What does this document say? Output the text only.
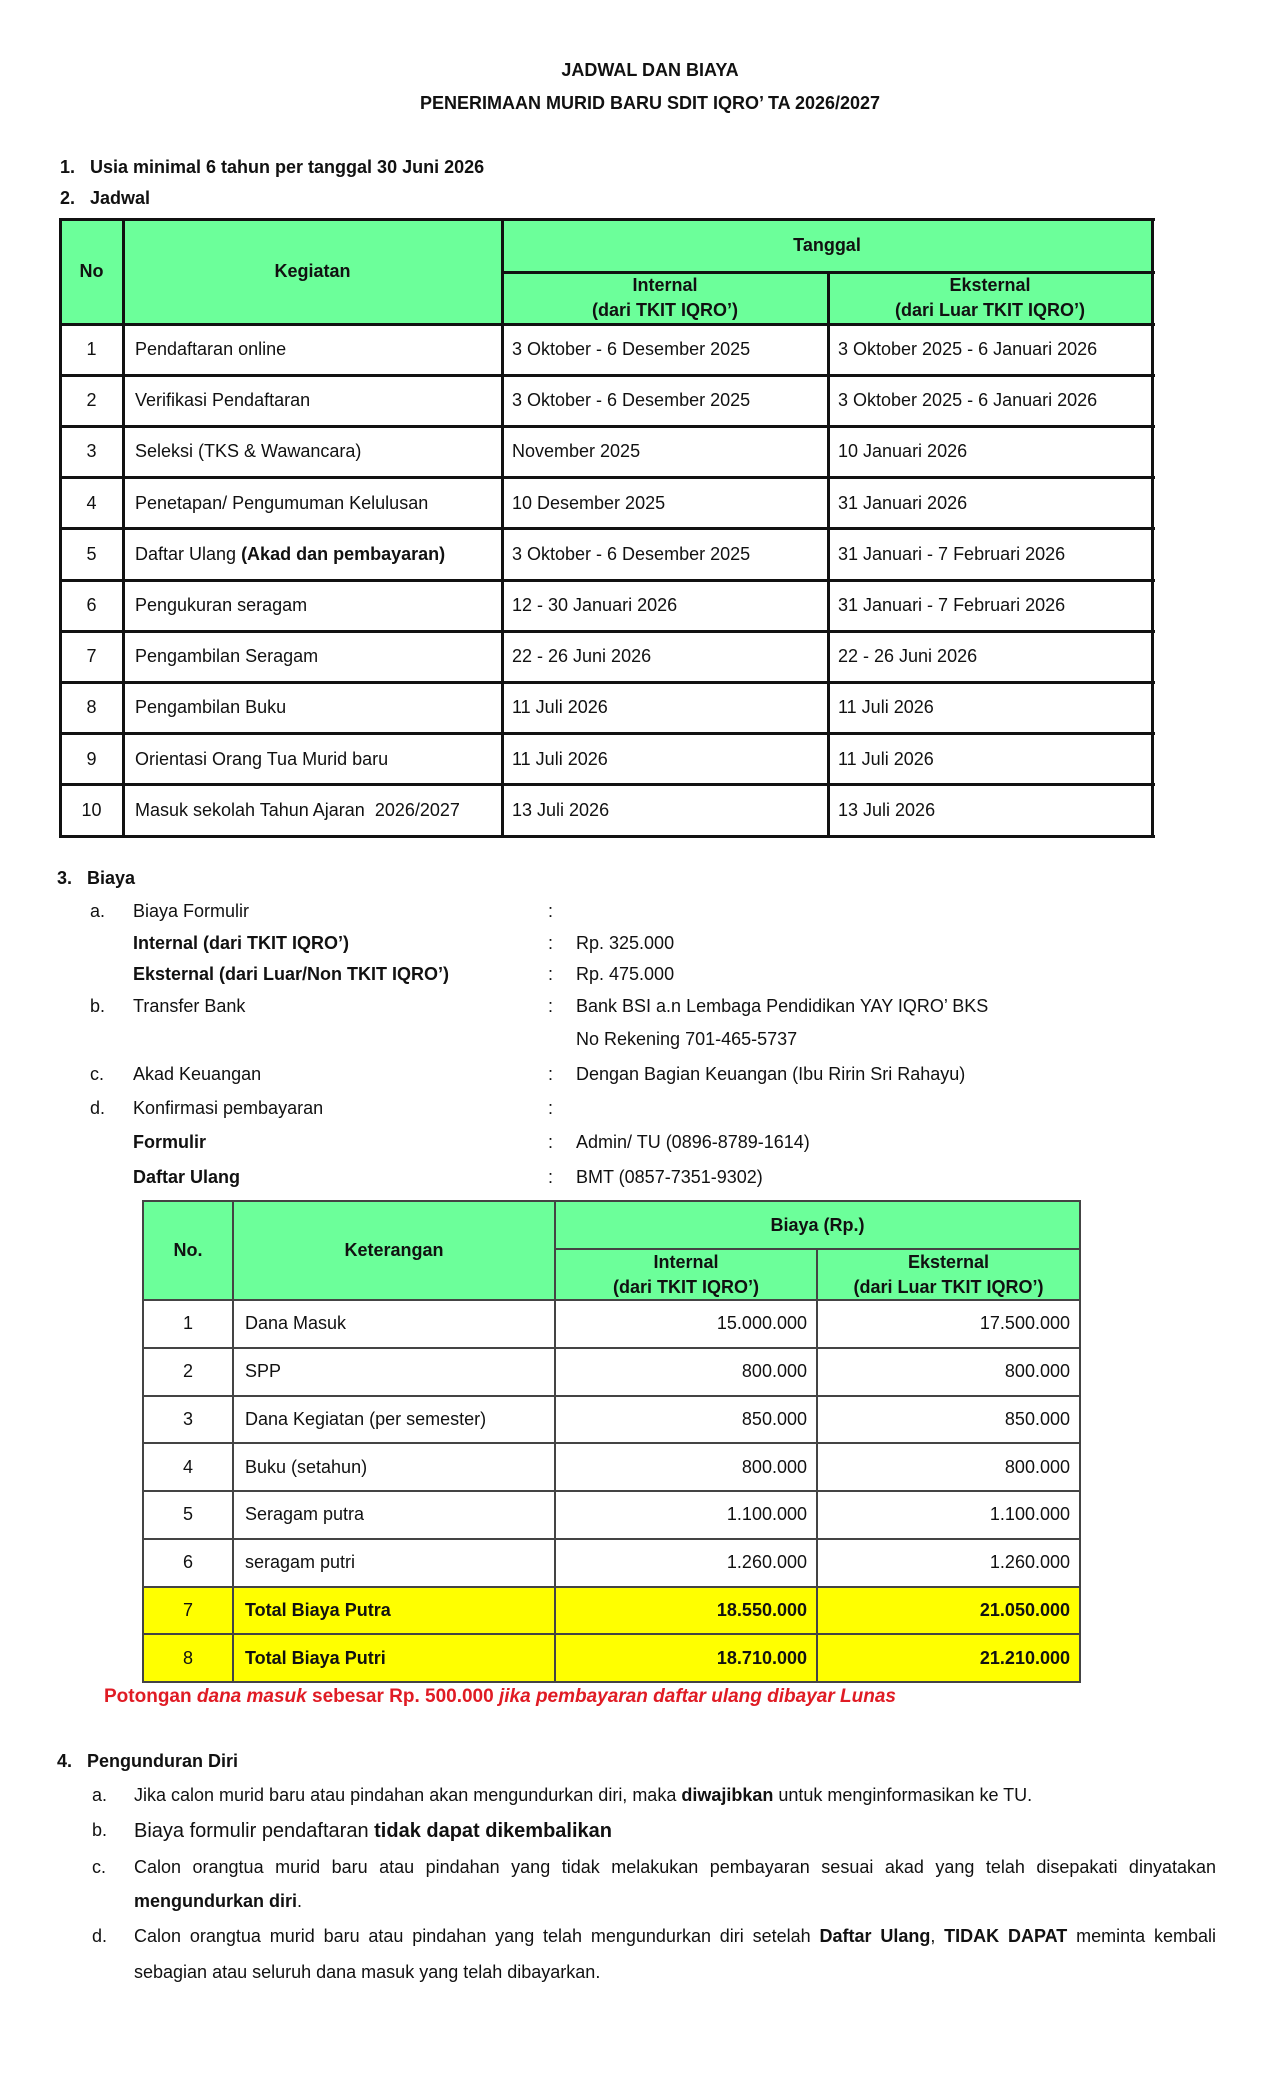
JADWAL DAN BIAYA
PENERIMAAN MURID BARU SDIT IQRO’ TA 2026/2027
1. Usia minimal 6 tahun per tanggal 30 Juni 2026
2. Jadwal
No	Kegiatan
Tanggal
Internal
(dari TKIT IQRO’)
Eksternal
(dari Luar TKIT IQRO’)
1	Pendaftaran online	3 Oktober - 6 Desember 2025	3 Oktober 2025 - 6 Januari 2026
2	Verifikasi Pendaftaran	3 Oktober - 6 Desember 2025	3 Oktober 2025 - 6 Januari 2026
3	Seleksi (TKS & Wawancara)	November 2025	10 Januari 2026
4	Penetapan/ Pengumuman Kelulusan	10 Desember 2025	31 Januari 2026
5	Daftar Ulang (Akad dan pembayaran)	3 Oktober - 6 Desember 2025	31 Januari - 7 Februari 2026
6	Pengukuran seragam	12 - 30 Januari 2026	31 Januari - 7 Februari 2026
7	Pengambilan Seragam	22 - 26 Juni 2026	22 - 26 Juni 2026
8	Pengambilan Buku	11 Juli 2026	11 Juli 2026
9	Orientasi Orang Tua Murid baru	11 Juli 2026	11 Juli 2026
10	Masuk sekolah Tahun Ajaran  2026/2027	13 Juli 2026	13 Juli 2026
3. Biaya
a. Biaya Formulir	:
Internal (dari TKIT IQRO’)	: Rp. 325.000
Eksternal (dari Luar/Non TKIT IQRO’)	: Rp. 475.000
b. Transfer Bank	: Bank BSI a.n Lembaga Pendidikan YAY IQRO’ BKS
No Rekening 701-465-5737
c. Akad Keuangan	: Dengan Bagian Keuangan (Ibu Ririn Sri Rahayu)
d. Konfirmasi pembayaran	:
Formulir	: Admin/ TU (0896-8789-1614)
Daftar Ulang	: BMT (0857-7351-9302)
No.	Keterangan
Biaya (Rp.)
Internal
(dari TKIT IQRO’)
Eksternal
(dari Luar TKIT IQRO’)
1	Dana Masuk	15.000.000	17.500.000
2	SPP	800.000	800.000
3	Dana Kegiatan (per semester)	850.000	850.000
4	Buku (setahun)	800.000	800.000
5	Seragam putra	1.100.000	1.100.000
6	seragam putri	1.260.000	1.260.000
7	Total Biaya Putra	18.550.000	21.050.000
8	Total Biaya Putri	18.710.000	21.210.000
Potongan dana masuk sebesar Rp. 500.000 jika pembayaran daftar ulang dibayar Lunas
4. Pengunduran Diri
a. Jika calon murid baru atau pindahan akan mengundurkan diri, maka diwajibkan untuk menginformasikan ke TU.
b. Biaya formulir pendaftaran tidak dapat dikembalikan
c. Calon orangtua murid baru atau pindahan yang tidak melakukan pembayaran sesuai akad yang telah disepakati dinyatakan
mengundurkan diri.
d. Calon orangtua murid baru atau pindahan yang telah mengundurkan diri setelah Daftar Ulang, TIDAK DAPAT meminta kembali
sebagian atau seluruh dana masuk yang telah dibayarkan.
